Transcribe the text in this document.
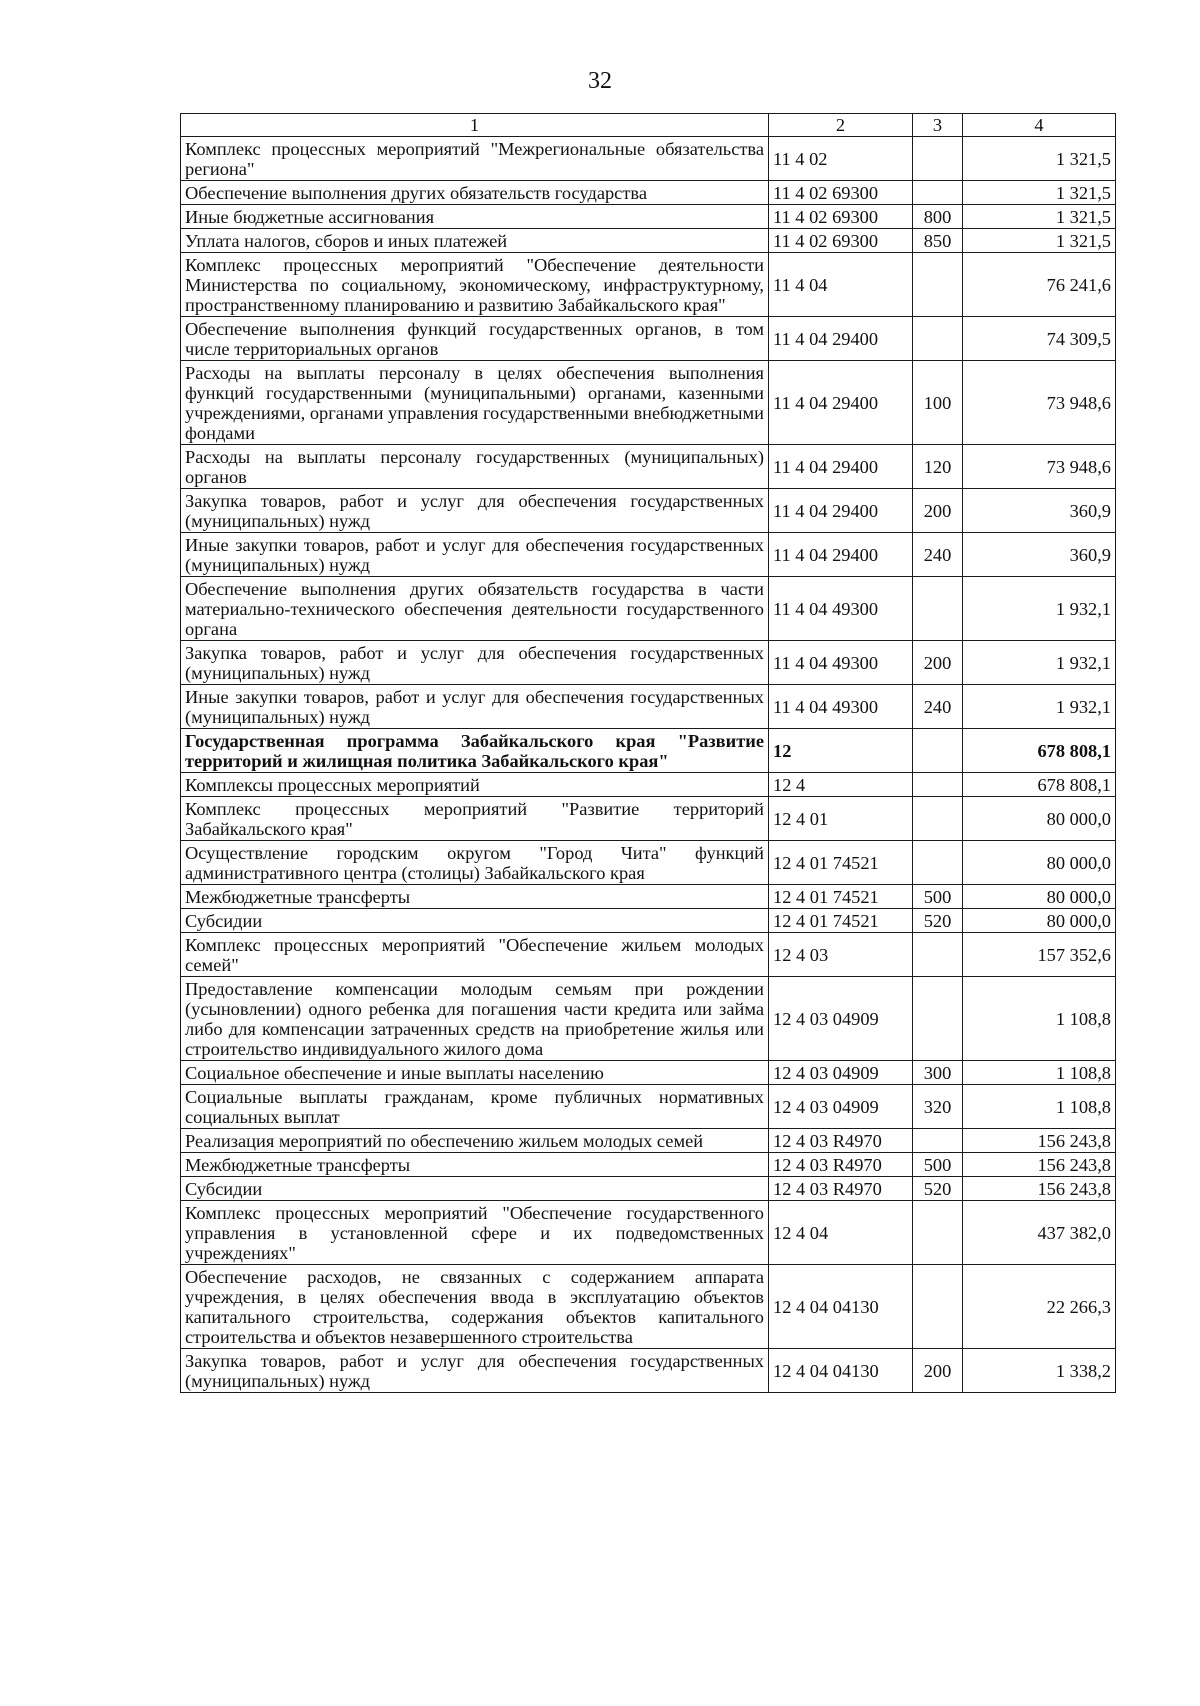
32
1	2	3	4
Комплекс процессных мероприятий "Межрегиональные обязательства региона"	11 4 02		1 321,5
Обеспечение выполнения других обязательств государства	11 4 02 69300		1 321,5
Иные бюджетные ассигнования	11 4 02 69300	800	1 321,5
Уплата налогов, сборов и иных платежей	11 4 02 69300	850	1 321,5
Комплекс процессных мероприятий "Обеспечение деятельности Министерства по социальному, экономическому, инфраструктурному, пространственному планированию и развитию Забайкальского края"	11 4 04		76 241,6
Обеспечение выполнения функций государственных органов, в том числе территориальных органов	11 4 04 29400		74 309,5
Расходы на выплаты персоналу в целях обеспечения выполнения функций государственными (муниципальными) органами, казенными учреждениями, органами управления государственными внебюджетными фондами	11 4 04 29400	100	73 948,6
Расходы на выплаты персоналу государственных (муниципальных) органов	11 4 04 29400	120	73 948,6
Закупка товаров, работ и услуг для обеспечения государственных (муниципальных) нужд	11 4 04 29400	200	360,9
Иные закупки товаров, работ и услуг для обеспечения государственных (муниципальных) нужд	11 4 04 29400	240	360,9
Обеспечение выполнения других обязательств государства в части материально-технического обеспечения деятельности государственного органа	11 4 04 49300		1 932,1
Закупка товаров, работ и услуг для обеспечения государственных (муниципальных) нужд	11 4 04 49300	200	1 932,1
Иные закупки товаров, работ и услуг для обеспечения государственных (муниципальных) нужд	11 4 04 49300	240	1 932,1
Государственная программа Забайкальского края "Развитие территорий и жилищная политика Забайкальского края"	12		678 808,1
Комплексы процессных мероприятий	12 4		678 808,1
Комплекс процессных мероприятий "Развитие территорий Забайкальского края"	12 4 01		80 000,0
Осуществление городским округом "Город Чита" функций административного центра (столицы) Забайкальского края	12 4 01 74521		80 000,0
Межбюджетные трансферты	12 4 01 74521	500	80 000,0
Субсидии	12 4 01 74521	520	80 000,0
Комплекс процессных мероприятий "Обеспечение жильем молодых семей"	12 4 03		157 352,6
Предоставление компенсации молодым семьям при рождении (усыновлении) одного ребенка для погашения части кредита или займа либо для компенсации затраченных средств на приобретение жилья или строительство индивидуального жилого дома	12 4 03 04909		1 108,8
Социальное обеспечение и иные выплаты населению	12 4 03 04909	300	1 108,8
Социальные выплаты гражданам, кроме публичных нормативных социальных выплат	12 4 03 04909	320	1 108,8
Реализация мероприятий по обеспечению жильем молодых семей	12 4 03 R4970		156 243,8
Межбюджетные трансферты	12 4 03 R4970	500	156 243,8
Субсидии	12 4 03 R4970	520	156 243,8
Комплекс процессных мероприятий "Обеспечение государственного управления в установленной сфере и их подведомственных учреждениях"	12 4 04		437 382,0
Обеспечение расходов, не связанных с содержанием аппарата учреждения, в целях обеспечения ввода в эксплуатацию объектов капитального строительства, содержания объектов капитального строительства и объектов незавершенного строительства	12 4 04 04130		22 266,3
Закупка товаров, работ и услуг для обеспечения государственных (муниципальных) нужд	12 4 04 04130	200	1 338,2
